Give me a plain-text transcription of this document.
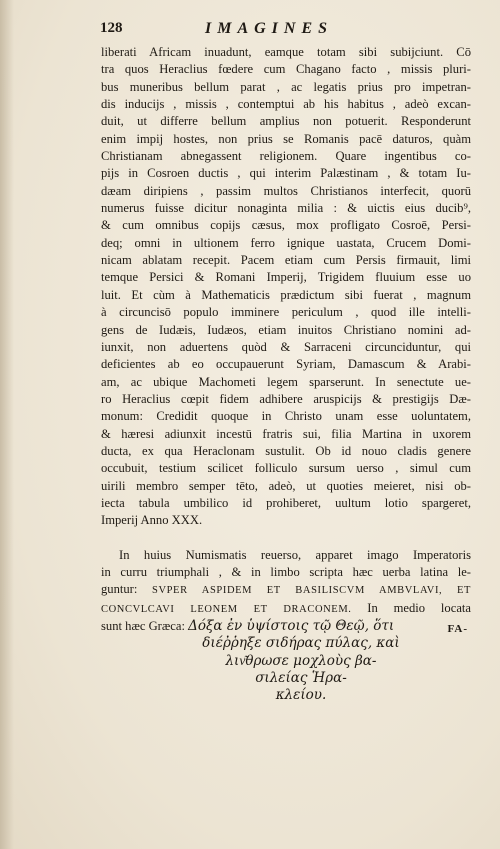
128	IMAGINES
liberati Africam inuadunt, eamque totam sibi subijciunt. Cō
tra quos Heraclius fœdere cum Chagano facto , missis pluri-
bus muneribus bellum parat , ac legatis prius pro impetran-
dis inducijs , missis , contemptui ab his habitus , adeò excan-
duit, ut differre bellum amplius non potuerit. Responderunt
enim impij hostes, non prius se Romanis pacē daturos, quàm
Christianam abnegassent religionem. Quare ingentibus co-
pijs in Cosroen ductis , qui interim Palæstinam , & totam Iu-
dæam diripiens , passim multos Christianos interfecit, quorū
numerus fuisse dicitur nonaginta milia : & uictis eius ducib⁹,
& cum omnibus copijs cæsus, mox profligato Cosroē, Persi-
deq; omni in ultionem ferro ignique uastata, Crucem Domi-
nicam ablatam recepit. Pacem etiam cum Persis firmauit, limi
temque Persici & Romani Imperij, Trigidem fluuium esse uo
luit. Et cùm à Mathematicis prædictum sibi fuerat , magnum
à circuncisō populo imminere periculum , quod ille intelli-
gens de Iudæis, Iudæos, etiam inuitos Christiano nomini ad-
iunxit, non aduertens quòd & Sarraceni circunciduntur, qui
deficientes ab eo occupauerunt Syriam, Damascum & Arabi-
am, ac ubique Machometi legem sparserunt. In senectute ue-
ro Heraclius cœpit fidem adhibere aruspicijs & prestigijs Dæ-
monum: Credidit quoque in Christo unam esse uoluntatem,
& hæresi adiunxit incestū fratris sui, filia Martina in uxorem
ducta, ex qua Heraclonam sustulit. Ob id nouo cladis genere
occubuit, testium scilicet folliculo sursum uerso , simul cum
uirili membro semper tēto, adeò, ut quoties meieret, nisi ob-
iecta tabula umbilico id prohiberet, uultum lotio spargeret,
Imperij Anno XXX.
In huius Numismatis reuerso, apparet imago Imperatoris
in curru triumphali , & in limbo scripta hæc uerba latina le-
guntur: SVPER ASPIDEM ET BASILISCVM AMBVLAVI, ET
CONCVLCAVI LEONEM ET DRACONEM. In medio locata
sunt hæc Græca: Δόξα ἐν ὑψίστοις τῷ Θεῷ, ὅτι
διέῤῥηξε σιδήρας πύλας, καὶ
λιν͂θρωσε μοχλοὺς βα-
σιλείας Ἡρα-
κλείου.
FA-
